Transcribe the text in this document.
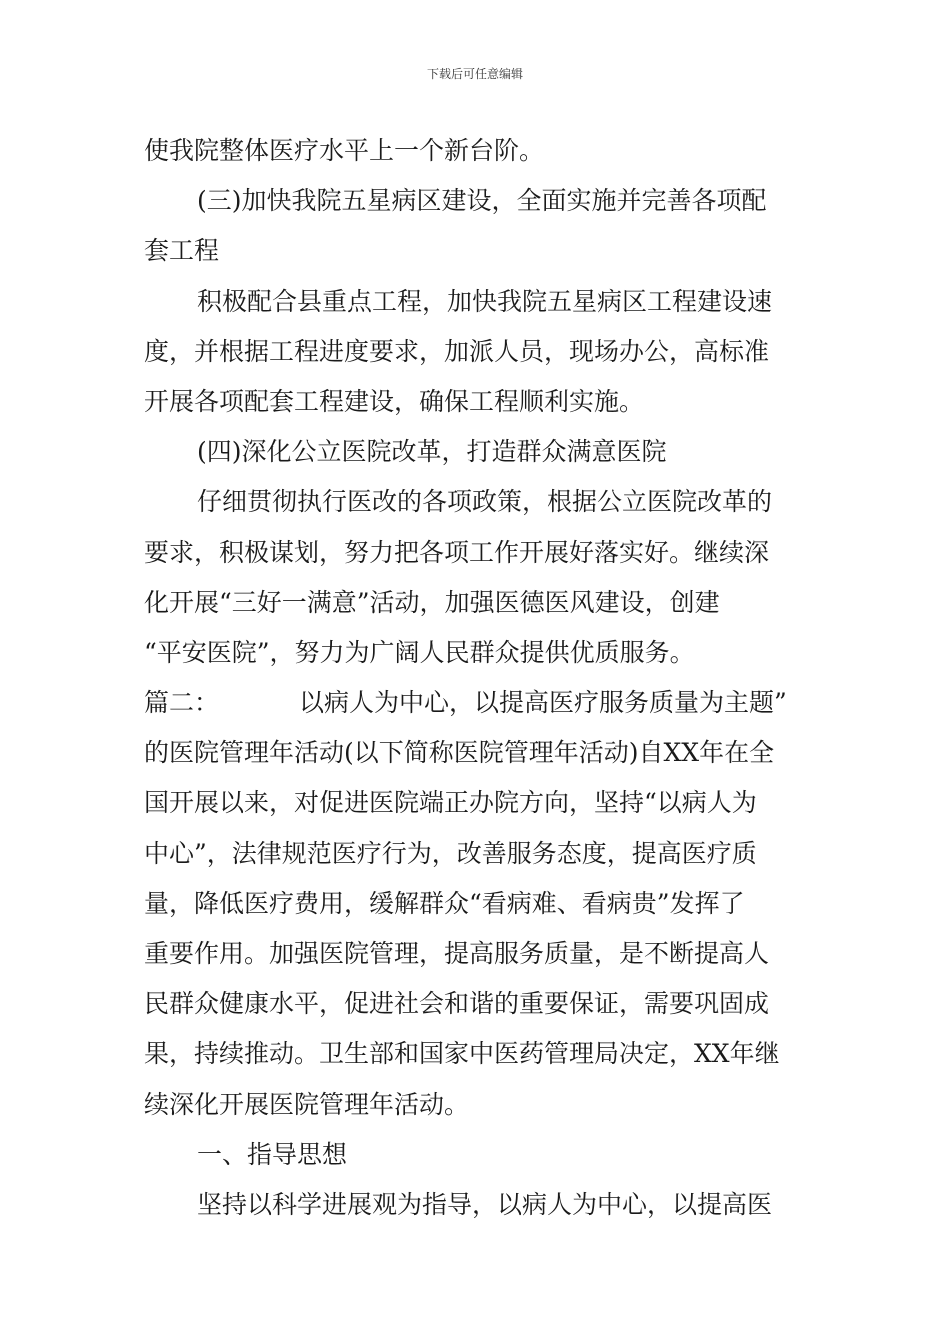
下载后可任意编辑
使我院整体医疗水平上一个新台阶。
(三)加快我院五星病区建设，全面实施并完善各项配
套工程
积极配合县重点工程，加快我院五星病区工程建设速
度，并根据工程进度要求，加派人员，现场办公，高标准
开展各项配套工程建设，确保工程顺利实施。
(四)深化公立医院改革，打造群众满意医院
仔细贯彻执行医改的各项政策，根据公立医院改革的
要求，积极谋划，努力把各项工作开展好落实好。继续深
化开展“三好一满意”活动，加强医德医风建设，创建
“平安医院”，努力为广阔人民群众提供优质服务。
篇二：	以病人为中心，以提高医疗服务质量为主题”
的医院管理年活动(以下简称医院管理年活动)自XX年在全
国开展以来，对促进医院端正办院方向，坚持“以病人为
中心”，法律规范医疗行为，改善服务态度，提高医疗质
量，降低医疗费用，缓解群众“看病难、看病贵”发挥了
重要作用。加强医院管理，提高服务质量，是不断提高人
民群众健康水平，促进社会和谐的重要保证，需要巩固成
果，持续推动。卫生部和国家中医药管理局决定，XX年继
续深化开展医院管理年活动。
一、指导思想
坚持以科学进展观为指导，以病人为中心，以提高医
